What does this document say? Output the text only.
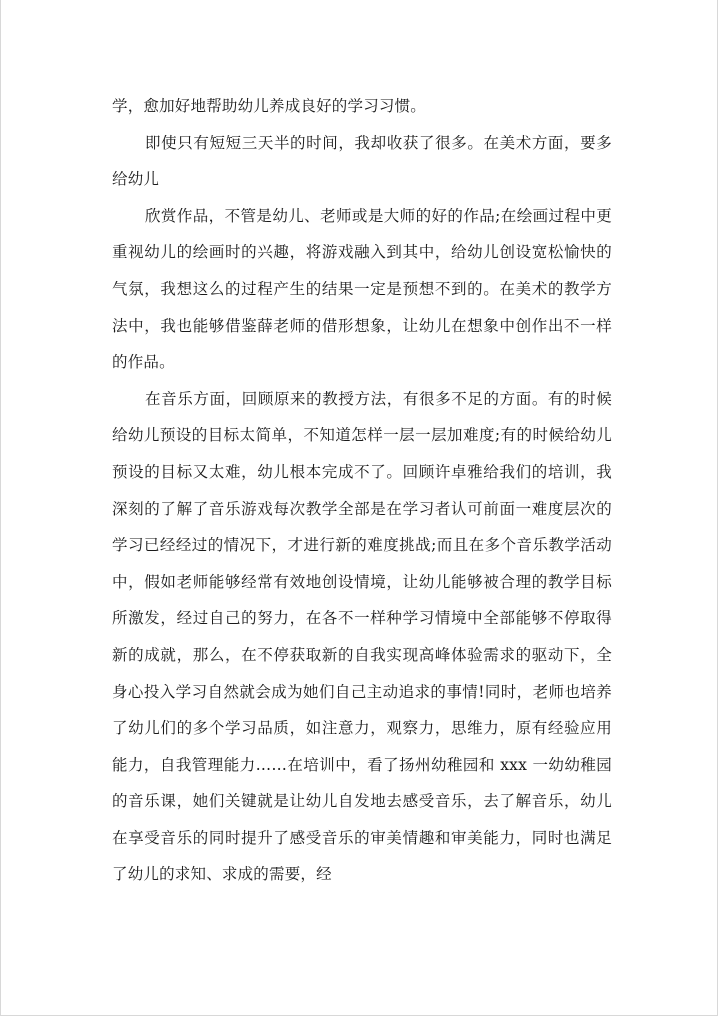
学，愈加好地帮助幼儿养成良好的学习习惯。

即使只有短短三天半的时间，我却收获了很多。在美术方面，要多给幼儿

欣赏作品，不管是幼儿、老师或是大师的好的作品;在绘画过程中更重视幼儿的绘画时的兴趣，将游戏融入到其中，给幼儿创设宽松愉快的气氛，我想这么的过程产生的结果一定是预想不到的。在美术的教学方法中，我也能够借鉴薛老师的借形想象，让幼儿在想象中创作出不一样的作品。

在音乐方面，回顾原来的教授方法，有很多不足的方面。有的时候给幼儿预设的目标太简单，不知道怎样一层一层加难度;有的时候给幼儿预设的目标又太难，幼儿根本完成不了。回顾许卓雅给我们的培训，我深刻的了解了音乐游戏每次教学全部是在学习者认可前面一难度层次的学习已经经过的情况下，才进行新的难度挑战;而且在多个音乐教学活动中，假如老师能够经常有效地创设情境，让幼儿能够被合理的教学目标所激发，经过自己的努力，在各不一样种学习情境中全部能够不停取得新的成就，那么，在不停获取新的自我实现高峰体验需求的驱动下，全身心投入学习自然就会成为她们自己主动追求的事情!同时，老师也培养了幼儿们的多个学习品质，如注意力，观察力，思维力，原有经验应用能力，自我管理能力……在培训中，看了扬州幼稚园和 xxx 一幼幼稚园的音乐课，她们关键就是让幼儿自发地去感受音乐，去了解音乐，幼儿在享受音乐的同时提升了感受音乐的审美情趣和审美能力，同时也满足了幼儿的求知、求成的需要，经
